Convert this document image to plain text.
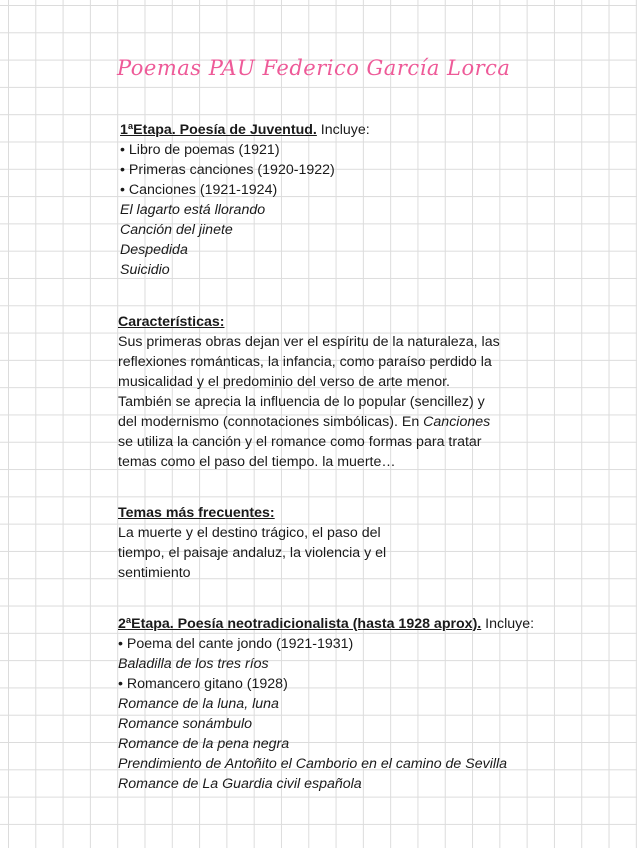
Poemas PAU Federico García Lorca
1ªEtapa. Poesía de Juventud. Incluye:
• Libro de poemas (1921)
• Primeras canciones (1920-1922)
• Canciones (1921-1924)
El lagarto está llorando
Canción del jinete
Despedida
Suicidio
Características:
Sus primeras obras dejan ver el espíritu de la naturaleza, las
reflexiones románticas, la infancia, como paraíso perdido la
musicalidad y el predominio del verso de arte menor.
También se aprecia la influencia de lo popular (sencillez) y
del modernismo (connotaciones simbólicas). En Canciones
se utiliza la canción y el romance como formas para tratar
temas como el paso del tiempo. la muerte…
Temas más frecuentes:
La muerte y el destino trágico, el paso del
tiempo, el paisaje andaluz, la violencia y el
sentimiento
2ªEtapa. Poesía neotradicionalista (hasta 1928 aprox). Incluye:
• Poema del cante jondo (1921-1931)
Baladilla de los tres ríos
• Romancero gitano (1928)
Romance de la luna, luna
Romance sonámbulo
Romance de la pena negra
Prendimiento de Antoñito el Camborio en el camino de Sevilla
Romance de La Guardia civil española
